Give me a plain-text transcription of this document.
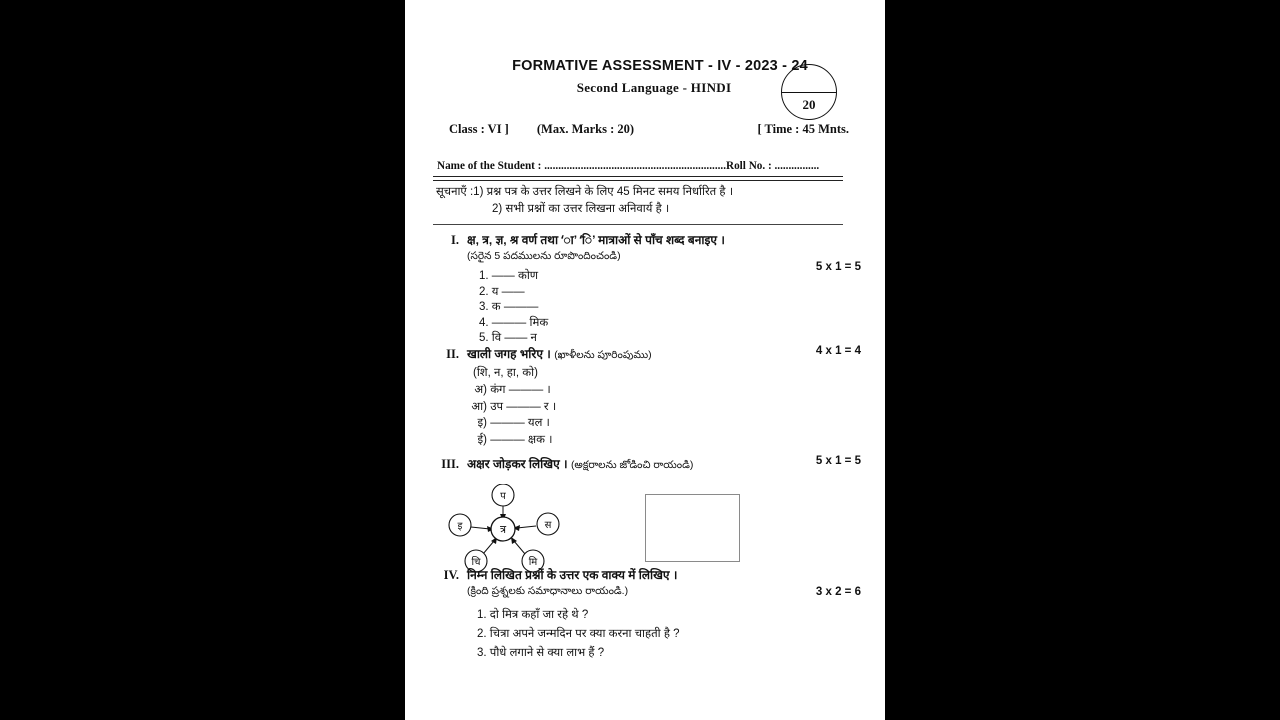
FORMATIVE ASSESSMENT - IV - 2023 - 24
Second Language - HINDI
20
Class : VI ] (Max. Marks : 20)	[ Time : 45 Mnts.
Name of the Student : .................................................................Roll No. : ................
सूचनाएँ :1) प्रश्न पत्र के उत्तर लिखने के लिए 45 मिनट समय निर्धारित है ।
2) सभी प्रश्नों का उत्तर लिखना अनिवार्य है ।
I. क्ष, त्र, ज्ञ, श्र वर्ण तथा ‘ा’ ‘ि’ मात्राओं से पाँच शब्द बनाइए ।
(సరైన 5 పదములను రూపొందించండి)
5 x 1 = 5
1. —— कोण
2. य ——
3. क ———
4. ——— मिक
5. वि —— न
II. खाली जगह भरिए । (ఖాళీలను పూరింపుము)	4 x 1 = 4
(शि, न, हा, को)
अ) कंग ——— ।
आ) उप ——— र ।
इ) ——— यल ।
ई) ——— क्षक ।
III. अक्षर जोड़कर लिखिए । (అక్షరాలను జోడించి రాయండి)	5 x 1 = 5
त्र
प
स
मि
चि
इ
IV. निम्न लिखित प्रश्नों के उत्तर एक वाक्य में लिखिए ।
(క్రింది ప్రశ్నలకు సమాధానాలు రాయండి.)	3 x 2 = 6
1. दो मित्र कहाँ जा रहे थे ?
2. चित्रा अपने जन्मदिन पर क्या करना चाहती है ?
3. पौधे लगाने से क्या लाभ हैं ?
